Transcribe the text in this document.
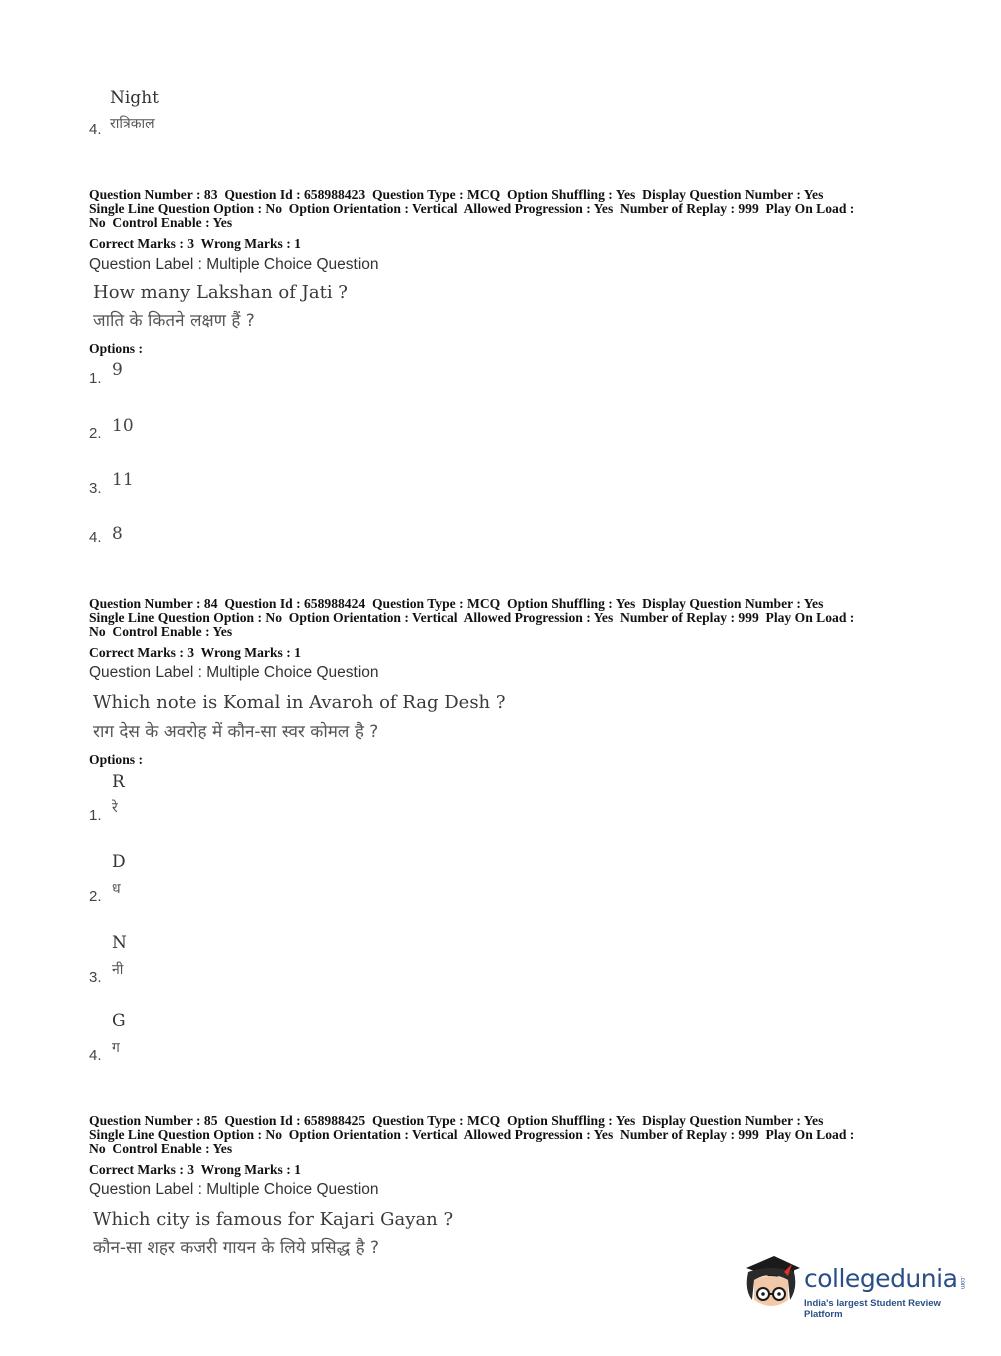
Night
4. रात्रिकाल
Question Number : 83  Question Id : 658988423  Question Type : MCQ  Option Shuffling : Yes  Display Question Number : Yes
Single Line Question Option : No  Option Orientation : Vertical  Allowed Progression : Yes  Number of Replay : 999  Play On Load :
No  Control Enable : Yes
Correct Marks : 3  Wrong Marks : 1
Question Label : Multiple Choice Question
How many Lakshan of Jati ?
जाति के कितने लक्षण हैं ?
Options :
1. 9
2. 10
3. 11
4. 8
Question Number : 84  Question Id : 658988424  Question Type : MCQ  Option Shuffling : Yes  Display Question Number : Yes
Single Line Question Option : No  Option Orientation : Vertical  Allowed Progression : Yes  Number of Replay : 999  Play On Load :
No  Control Enable : Yes
Correct Marks : 3  Wrong Marks : 1
Question Label : Multiple Choice Question
Which note is Komal in Avaroh of Rag Desh ?
राग देस के अवरोह में कौन-सा स्वर कोमल है ?
Options :
R
1. रे
D
2. ध
N
3. नी
G
4. ग
Question Number : 85  Question Id : 658988425  Question Type : MCQ  Option Shuffling : Yes  Display Question Number : Yes
Single Line Question Option : No  Option Orientation : Vertical  Allowed Progression : Yes  Number of Replay : 999  Play On Load :
No  Control Enable : Yes
Correct Marks : 3  Wrong Marks : 1
Question Label : Multiple Choice Question
Which city is famous for Kajari Gayan ?
कौन-सा शहर कजरी गायन के लिये प्रसिद्ध है ?
collegedunia .com
India's largest Student Review Platform
